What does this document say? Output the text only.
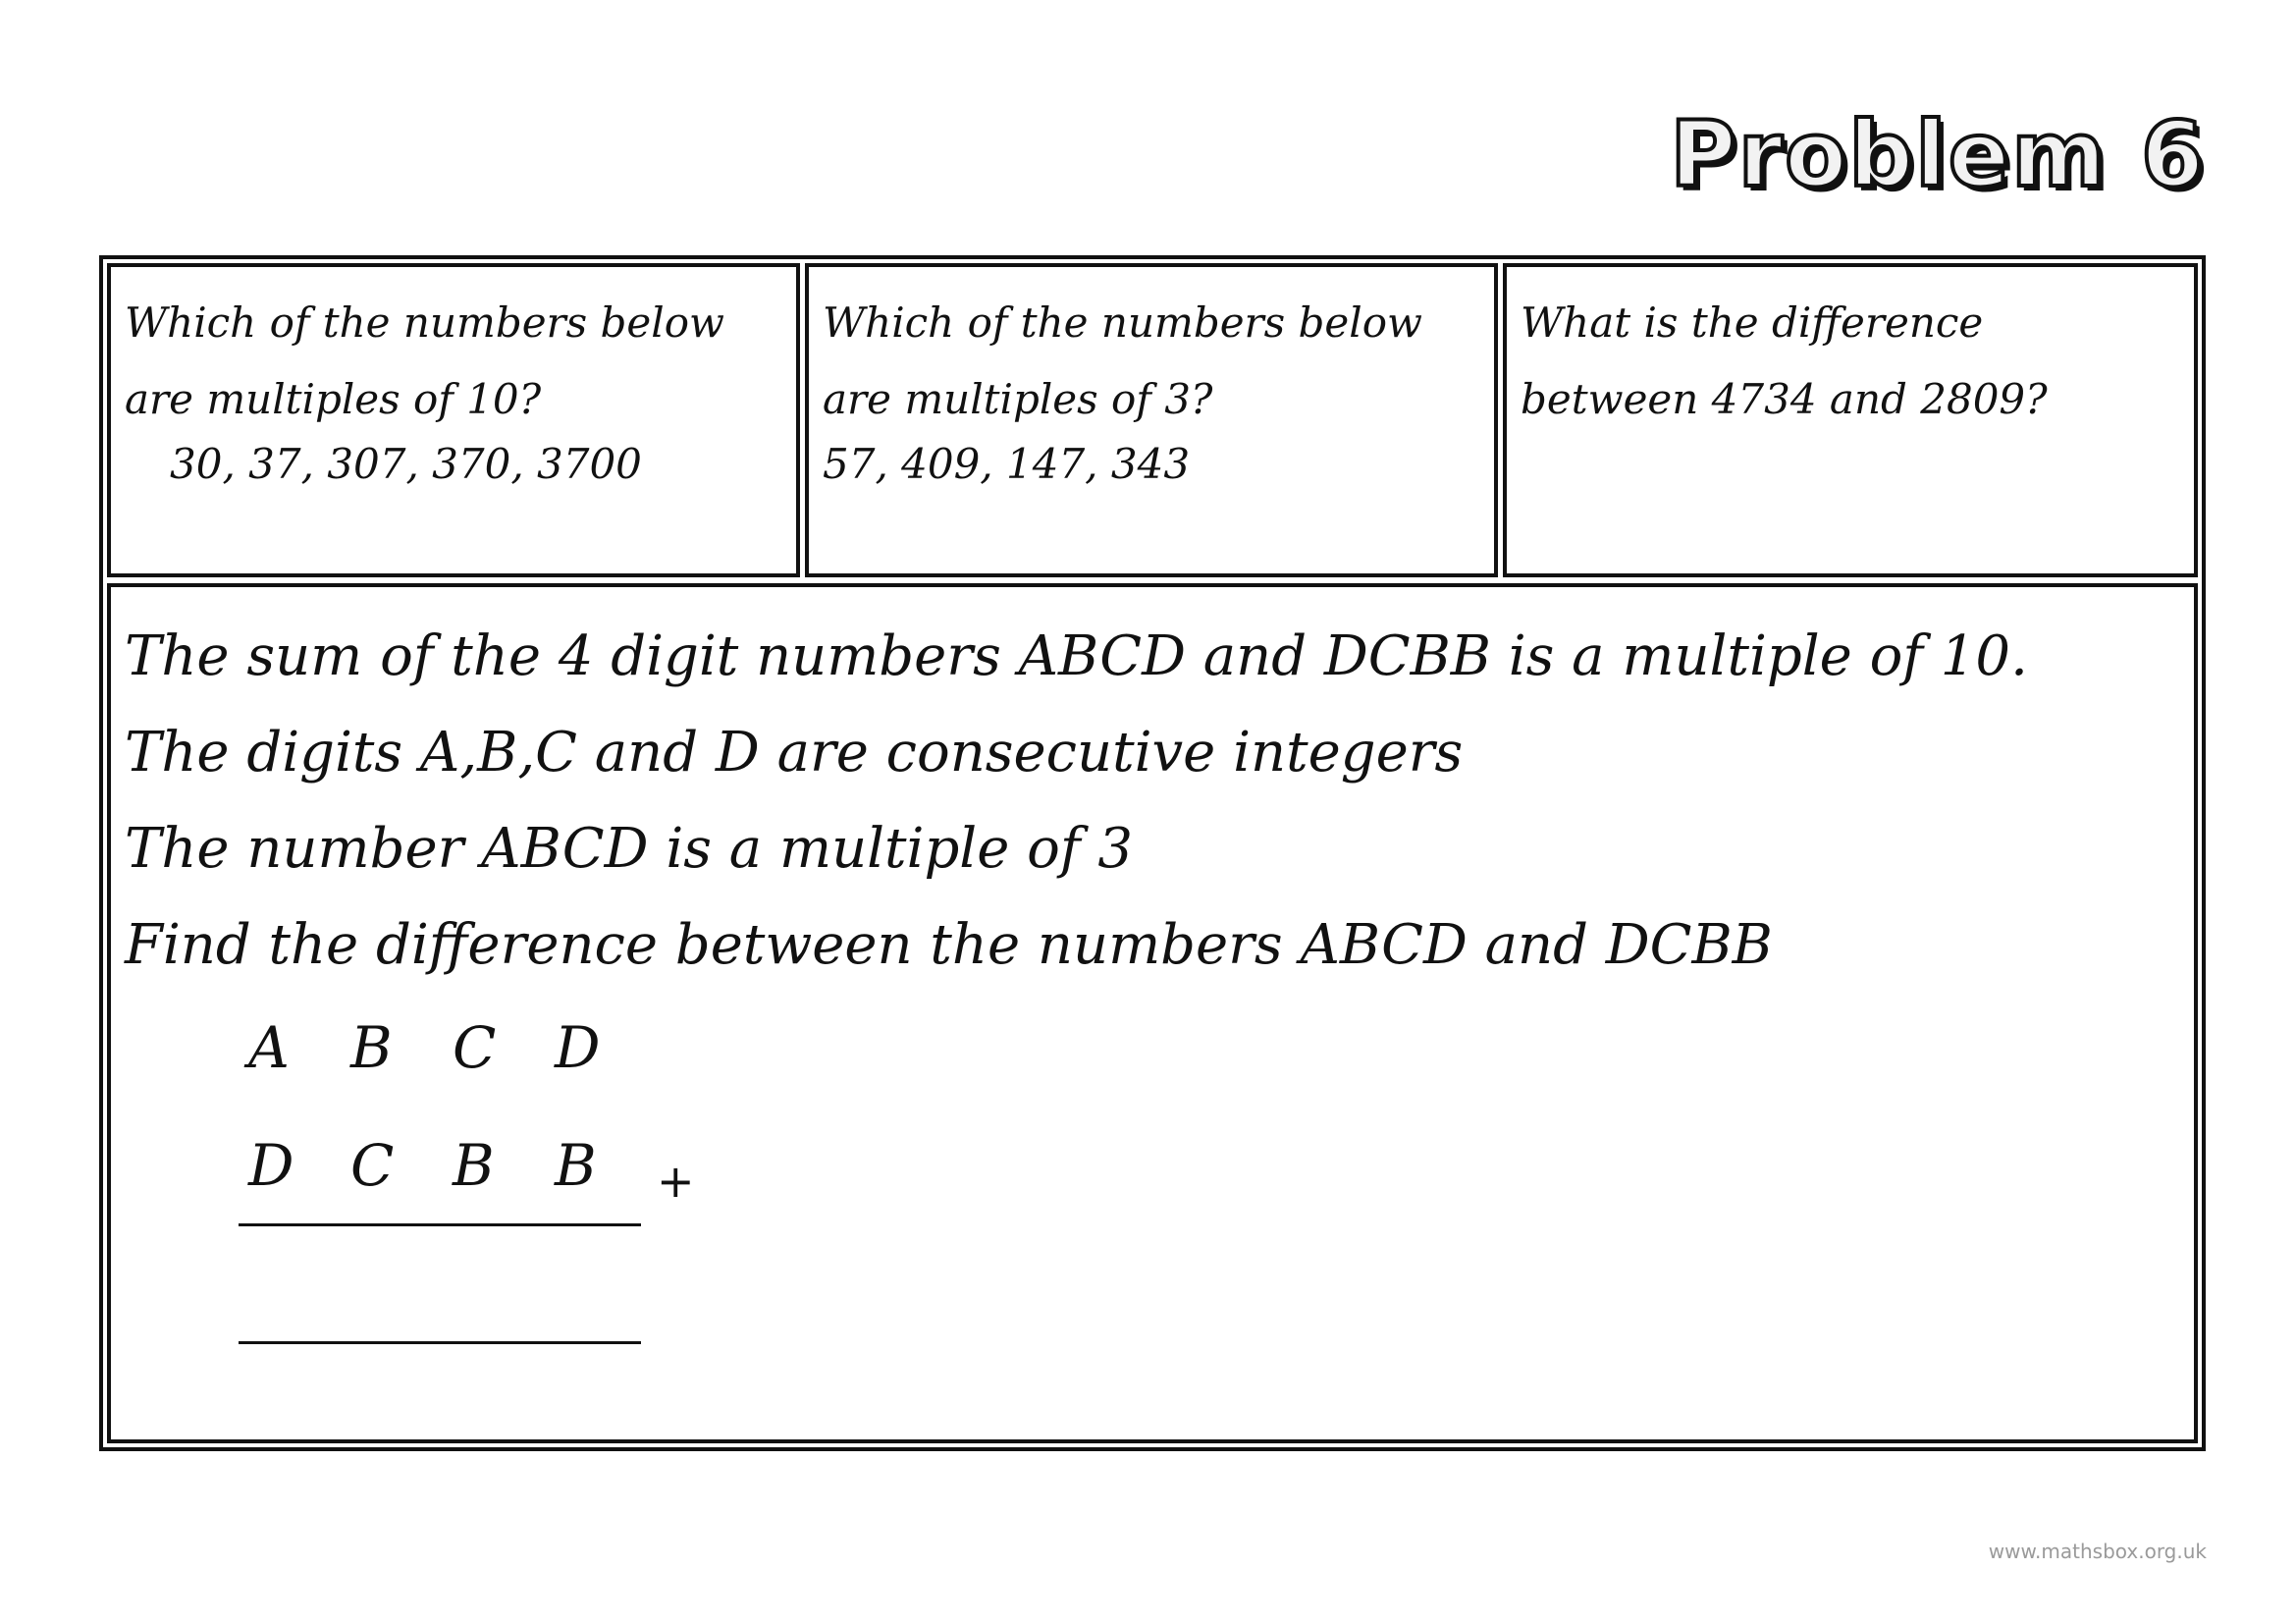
Problem 6
Which of the numbers below
are multiples of 10?
30, 37, 307, 370, 3700
Which of the numbers below
are multiples of 3?
57, 409, 147, 343
What is the difference
between 4734 and 2809?
The sum of the 4 digit numbers ABCD and DCBB is a multiple of 10.
The digits A,B,C and D are consecutive integers
The number ABCD is a multiple of 3
Find the difference between the numbers ABCD and DCBB
A B C D
D C B B	+
www.mathsbox.org.uk
